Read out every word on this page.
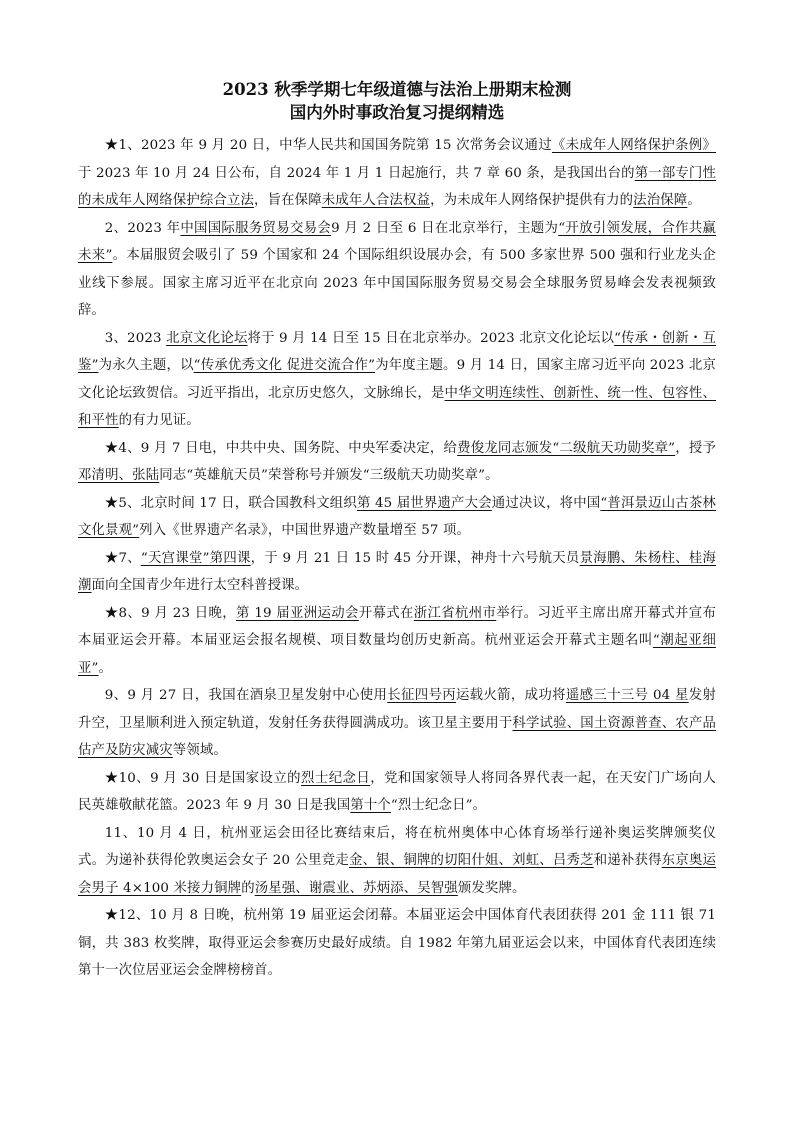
2023 秋季学期七年级道德与法治上册期末检测
国内外时事政治复习提纲精选

★1、2023 年 9 月 20 日，中华人民共和国国务院第 15 次常务会议通过《未成年人网络保护条例》于 2023 年 10 月 24 日公布，自 2024 年 1 月 1 日起施行，共 7 章 60 条，是我国出台的第一部专门性的未成年人网络保护综合立法，旨在保障未成年人合法权益，为未成年人网络保护提供有力的法治保障。

2、2023 年中国国际服务贸易交易会9 月 2 日至 6 日在北京举行，主题为“开放引领发展，合作共赢未来”。本届服贸会吸引了 59 个国家和 24 个国际组织设展办会，有 500 多家世界 500 强和行业龙头企业线下参展。国家主席习近平在北京向 2023 年中国国际服务贸易交易会全球服务贸易峰会发表视频致辞。

3、2023 北京文化论坛将于 9 月 14 日至 15 日在北京举办。2023 北京文化论坛以“传承・创新・互鉴”为永久主题，以“传承优秀文化 促进交流合作”为年度主题。9 月 14 日，国家主席习近平向 2023 北京文化论坛致贺信。习近平指出，北京历史悠久，文脉绵长，是中华文明连续性、创新性、统一性、包容性、和平性的有力见证。

★4、9 月 7 日电，中共中央、国务院、中央军委决定，给费俊龙同志颁发“二级航天功勋奖章”，授予邓清明、张陆同志“英雄航天员”荣誉称号并颁发“三级航天功勋奖章”。

★5、北京时间 17 日，联合国教科文组织第 45 届世界遗产大会通过决议，将中国“普洱景迈山古茶林文化景观”列入《世界遗产名录》，中国世界遗产数量增至 57 项。

★7、“天宫课堂”第四课，于 9 月 21 日 15 时 45 分开课，神舟十六号航天员景海鹏、朱杨柱、桂海潮面向全国青少年进行太空科普授课。

★8、9 月 23 日晚，第 19 届亚洲运动会开幕式在浙江省杭州市举行。习近平主席出席开幕式并宣布本届亚运会开幕。本届亚运会报名规模、项目数量均创历史新高。杭州亚运会开幕式主题名叫“潮起亚细亚”。

9、9 月 27 日，我国在酒泉卫星发射中心使用长征四号丙运载火箭，成功将遥感三十三号 04 星发射升空，卫星顺利进入预定轨道，发射任务获得圆满成功。该卫星主要用于科学试验、国土资源普查、农产品估产及防灾减灾等领域。

★10、9 月 30 日是国家设立的烈士纪念日，党和国家领导人将同各界代表一起，在天安门广场向人民英雄敬献花篮。2023 年 9 月 30 日是我国第十个“烈士纪念日”。

11、10 月 4 日，杭州亚运会田径比赛结束后，将在杭州奥体中心体育场举行递补奥运奖牌颁奖仪式。为递补获得伦敦奥运会女子 20 公里竞走金、银、铜牌的切阳什姐、刘虹、吕秀芝和递补获得东京奥运会男子 4×100 米接力铜牌的汤星强、谢震业、苏炳添、吴智强颁发奖牌。

★12、10 月 8 日晚，杭州第 19 届亚运会闭幕。本届亚运会中国体育代表团获得 201 金 111 银 71 铜，共 383 枚奖牌，取得亚运会参赛历史最好成绩。自 1982 年第九届亚运会以来，中国体育代表团连续第十一次位居亚运会金牌榜榜首。
